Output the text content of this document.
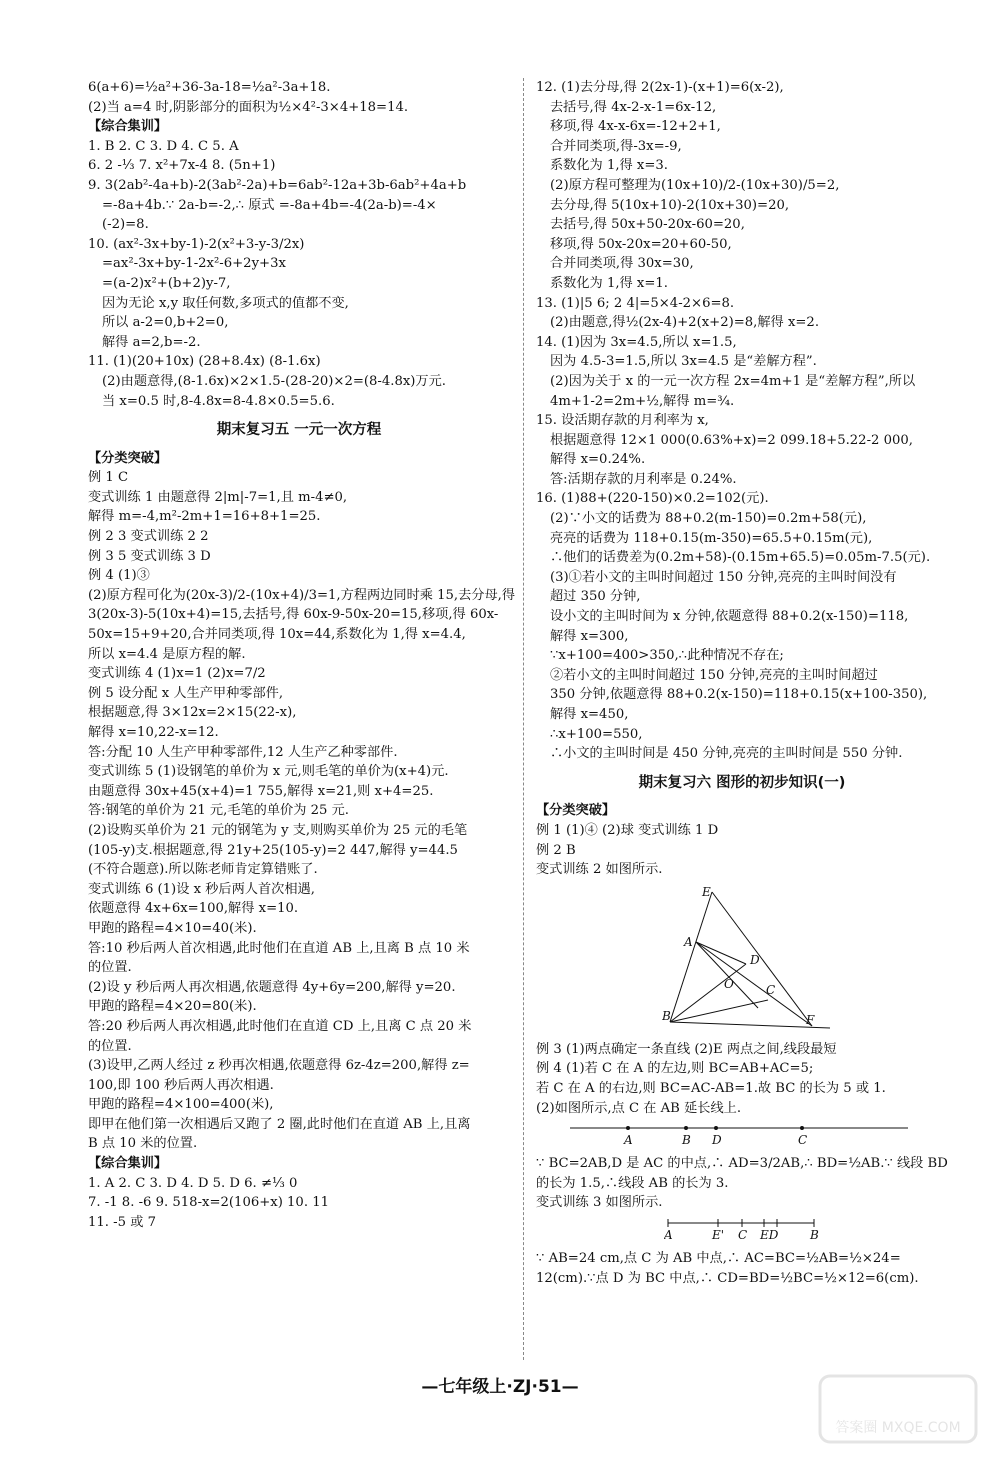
6(a+6)=½a²+36-3a-18=½a²-3a+18.
(2)当 a=4 时,阴影部分的面积为½×4²-3×4+18=14.
【综合集训】
1. B 2. C 3. D 4. C 5. A
6. 2 -⅓ 7. x²+7x-4 8. (5n+1)
9. 3(2ab²-4a+b)-2(3ab²-2a)+b=6ab²-12a+3b-6ab²+4a+b
=-8a+4b.∵ 2a-b=-2,∴ 原式 =-8a+4b=-4(2a-b)=-4×
(-2)=8.
10. (ax²-3x+by-1)-2(x²+3-y-3/2x)
=ax²-3x+by-1-2x²-6+2y+3x
=(a-2)x²+(b+2)y-7,
因为无论 x,y 取任何数,多项式的值都不变,
所以 a-2=0,b+2=0,
解得 a=2,b=-2.
11. (1)(20+10x) (28+8.4x) (8-1.6x)
(2)由题意得,(8-1.6x)×2×1.5-(28-20)×2=(8-4.8x)万元.
当 x=0.5 时,8-4.8x=8-4.8×0.5=5.6.
期末复习五 一元一次方程
【分类突破】
例 1 C
变式训练 1 由题意得 2|m|-7=1,且 m-4≠0,
解得 m=-4,m²-2m+1=16+8+1=25.
例 2 3 变式训练 2 2
例 3 5 变式训练 3 D
例 4 (1)③
(2)原方程可化为(20x-3)/2-(10x+4)/3=1,方程两边同时乘 15,去分母,得
3(20x-3)-5(10x+4)=15,去括号,得 60x-9-50x-20=15,移项,得 60x-
50x=15+9+20,合并同类项,得 10x=44,系数化为 1,得 x=4.4,
所以 x=4.4 是原方程的解.
变式训练 4 (1)x=1 (2)x=7/2
例 5 设分配 x 人生产甲种零部件,
根据题意,得 3×12x=2×15(22-x),
解得 x=10,22-x=12.
答:分配 10 人生产甲种零部件,12 人生产乙种零部件.
变式训练 5 (1)设钢笔的单价为 x 元,则毛笔的单价为(x+4)元.
由题意得 30x+45(x+4)=1 755,解得 x=21,则 x+4=25.
答:钢笔的单价为 21 元,毛笔的单价为 25 元.
(2)设购买单价为 21 元的钢笔为 y 支,则购买单价为 25 元的毛笔
(105-y)支.根据题意,得 21y+25(105-y)=2 447,解得 y=44.5
(不符合题意).所以陈老师肯定算错账了.
变式训练 6 (1)设 x 秒后两人首次相遇,
依题意得 4x+6x=100,解得 x=10.
甲跑的路程=4×10=40(米).
答:10 秒后两人首次相遇,此时他们在直道 AB 上,且离 B 点 10 米
的位置.
(2)设 y 秒后两人再次相遇,依题意得 4y+6y=200,解得 y=20.
甲跑的路程=4×20=80(米).
答:20 秒后两人再次相遇,此时他们在直道 CD 上,且离 C 点 20 米
的位置.
(3)设甲,乙两人经过 z 秒再次相遇,依题意得 6z-4z=200,解得 z=
100,即 100 秒后两人再次相遇.
甲跑的路程=4×100=400(米),
即甲在他们第一次相遇后又跑了 2 圈,此时他们在直道 AB 上,且离
B 点 10 米的位置.
【综合集训】
1. A 2. C 3. D 4. D 5. D 6. ≠⅓ 0
7. -1 8. -6 9. 518-x=2(106+x) 10. 11
11. -5 或 7
12. (1)去分母,得 2(2x-1)-(x+1)=6(x-2),
去括号,得 4x-2-x-1=6x-12,
移项,得 4x-x-6x=-12+2+1,
合并同类项,得-3x=-9,
系数化为 1,得 x=3.
(2)原方程可整理为(10x+10)/2-(10x+30)/5=2,
去分母,得 5(10x+10)-2(10x+30)=20,
去括号,得 50x+50-20x-60=20,
移项,得 50x-20x=20+60-50,
合并同类项,得 30x=30,
系数化为 1,得 x=1.
13. (1)|5 6; 2 4|=5×4-2×6=8.
(2)由题意,得½(2x-4)+2(x+2)=8,解得 x=2.
14. (1)因为 3x=4.5,所以 x=1.5,
因为 4.5-3=1.5,所以 3x=4.5 是“差解方程”.
(2)因为关于 x 的一元一次方程 2x=4m+1 是“差解方程”,所以
4m+1-2=2m+½,解得 m=¾.
15. 设活期存款的月利率为 x,
根据题意得 12×1 000(0.63%+x)=2 099.18+5.22-2 000,
解得 x=0.24%.
答:活期存款的月利率是 0.24%.
16. (1)88+(220-150)×0.2=102(元).
(2)∵小文的话费为 88+0.2(m-150)=0.2m+58(元),
亮亮的话费为 118+0.15(m-350)=65.5+0.15m(元),
∴他们的话费差为(0.2m+58)-(0.15m+65.5)=0.05m-7.5(元).
(3)①若小文的主叫时间超过 150 分钟,亮亮的主叫时间没有
超过 350 分钟,
设小文的主叫时间为 x 分钟,依题意得 88+0.2(x-150)=118,
解得 x=300,
∵x+100=400>350,∴此种情况不存在;
②若小文的主叫时间超过 150 分钟,亮亮的主叫时间超过
350 分钟,依题意得 88+0.2(x-150)=118+0.15(x+100-350),
解得 x=450,
∴x+100=550,
∴小文的主叫时间是 450 分钟,亮亮的主叫时间是 550 分钟.
期末复习六 图形的初步知识(一)
【分类突破】
例 1 (1)④ (2)球 变式训练 1 D
例 2 B
变式训练 2 如图所示.
E
A
D
O	C
B	F
例 3 (1)两点确定一条直线 (2)E 两点之间,线段最短
例 4 (1)若 C 在 A 的左边,则 BC=AB+AC=5;
若 C 在 A 的右边,则 BC=AC-AB=1.故 BC 的长为 5 或 1.
(2)如图所示,点 C 在 AB 延长线上.
A	B D	C
∵ BC=2AB,D 是 AC 的中点,∴ AD=3/2AB,∴ BD=½AB.∵ 线段 BD
的长为 1.5,∴线段 AB 的长为 3.
变式训练 3 如图所示.
A	E' C ED	B
∵ AB=24 cm,点 C 为 AB 中点,∴ AC=BC=½AB=½×24=
12(cm).∵点 D 为 BC 中点,∴ CD=BD=½BC=½×12=6(cm).
—七年级上·ZJ·51—
答案圈 MXQE.COM
